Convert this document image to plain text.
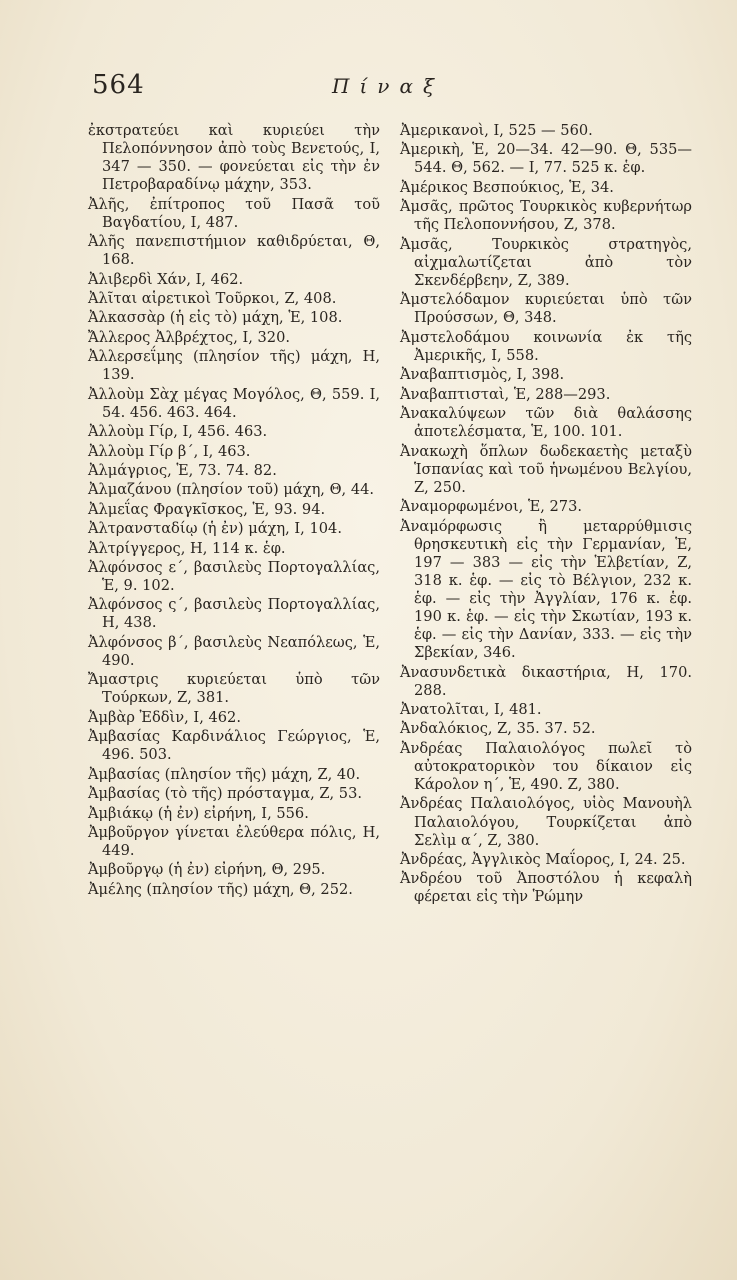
564	Πίναξ

ἐκστρατεύει καὶ κυριεύει τὴν Πελοπόννησον ἀπὸ τοὺς Βενετούς, Ι, 347 — 350. — φονεύεται εἰς τὴν ἐν Πετροβαραδίνῳ μάχην, 353.

Ἀλῆς, ἐπίτροπος τοῦ Πασᾶ τοῦ Βαγδατίου, Ι, 487.

Ἀλῆς πανεπιστήμιον καθιδρύεται, Θ, 168.

Ἀλιβερδὶ Χάν, Ι, 462.

Ἀλῖται αἱρετικοὶ Τοῦρκοι, Ζ, 408.

Ἀλκασσὰρ (ἡ εἰς τὸ) μάχη, Ἑ, 108.

Ἄλλερος Ἀλβρέχτος, Ι, 320.

Ἀλλερσεΐμης (πλησίον τῆς) μάχη, Η, 139.

Ἀλλοὺμ Σὰχ μέγας Μογόλος, Θ, 559. Ι, 54. 456. 463. 464.

Ἀλλοὺμ Γίρ, Ι, 456. 463.

Ἀλλοὺμ Γίρ β΄, Ι, 463.

Ἀλμάγριος, Ἑ, 73. 74. 82.

Ἀλμαζάνου (πλησίον τοῦ) μάχη, Θ, 44.

Ἀλμεΐας Φραγκῖσκος, Ἑ, 93. 94.

Ἀλτρανσταδίῳ (ἡ ἐν) μάχη, Ι, 104.

Ἀλτρίγγερος, Η, 114 κ. ἑφ.

Ἀλφόνσος ε΄, βασιλεὺς Πορτογαλλίας, Ἑ, 9. 102.

Ἀλφόνσος ς΄, βασιλεὺς Πορτογαλλίας, Η, 438.

Ἀλφόνσος β΄, βασιλεὺς Νεαπόλεως, Ἑ, 490.

Ἄμαστρις κυριεύεται ὑπὸ τῶν Τούρκων, Ζ, 381.

Ἀμβὰρ Ἐδδὶν, Ι, 462.

Ἀμβασίας Καρδινάλιος Γεώργιος, Ἑ, 496. 503.

Ἀμβασίας (πλησίον τῆς) μάχη, Ζ, 40.

Ἀμβασίας (τὸ τῆς) πρόσταγμα, Ζ, 53.

Ἀμβιάκῳ (ἡ ἐν) εἰρήνη, Ι, 556.

Ἀμβοῦργον γίνεται ἐλεύθερα πόλις, Η, 449.

Ἀμβοῦργῳ (ἡ ἐν) εἰρήνη, Θ, 295.

Ἀμέλης (πλησίον τῆς) μάχη, Θ, 252.

Ἀμερικανοὶ, Ι, 525 — 560.

Ἀμερικὴ, Ἑ, 20—34. 42—90. Θ, 535—544. Θ, 562. — Ι, 77. 525 κ. ἑφ.

Ἀμέρικος Βεσπούκιος, Ἑ, 34.

Ἀμσᾶς, πρῶτος Τουρκικὸς κυβερνήτωρ τῆς Πελοποννήσου, Ζ, 378.

Ἀμσᾶς, Τουρκικὸς στρατηγὸς, αἰχμαλωτίζεται ἀπὸ τὸν Σκενδέρβεην, Ζ, 389.

Ἀμστελόδαμον κυριεύεται ὑπὸ τῶν Προύσσων, Θ, 348.

Ἀμστελοδάμου κοινωνία ἐκ τῆς Ἀμερικῆς, Ι, 558.

Ἀναβαπτισμὸς, Ι, 398.

Ἀναβαπτισταὶ, Ἑ, 288—293.

Ἀνακαλύψεων τῶν διὰ θαλάσσης ἀποτελέσματα, Ἑ, 100. 101.

Ἀνακωχὴ ὅπλων δωδεκαετὴς μεταξὺ Ἱσπανίας καὶ τοῦ ἡνωμένου Βελγίου, Ζ, 250.

Ἀναμορφωμένοι, Ἑ, 273.

Ἀναμόρφωσις ἢ μεταρρύθμισις θρησκευτικὴ εἰς τὴν Γερμανίαν, Ἑ, 197 — 383 — εἰς τὴν Ἑλβετίαν, Ζ, 318 κ. ἑφ. — εἰς τὸ Βέλγιον, 232 κ. ἑφ. — εἰς τὴν Ἀγγλίαν, 176 κ. ἑφ. 190 κ. ἑφ. — εἰς τὴν Σκωτίαν, 193 κ. ἑφ. — εἰς τὴν Δανίαν, 333. — εἰς τὴν Σβεκίαν, 346.

Ἀνασυνδετικὰ δικαστήρια, Η, 170. 288.

Ἀνατολῖται, Ι, 481.

Ἀνδαλόκιος, Ζ, 35. 37. 52.

Ἀνδρέας Παλαιολόγος πωλεῖ τὸ αὐτοκρατορικὸν του δίκαιον εἰς Κάρολον η΄, Ἑ, 490. Ζ, 380.

Ἀνδρέας Παλαιολόγος, υἱὸς Μανουὴλ Παλαιολόγου, Τουρκίζεται ἀπὸ Σελὶμ α΄, Ζ, 380.

Ἀνδρέας, Ἀγγλικὸς Μαΐορος, Ι, 24. 25.

Ἀνδρέου τοῦ Ἀποστόλου ἡ κεφαλὴ φέρεται εἰς τὴν Ῥώμην
